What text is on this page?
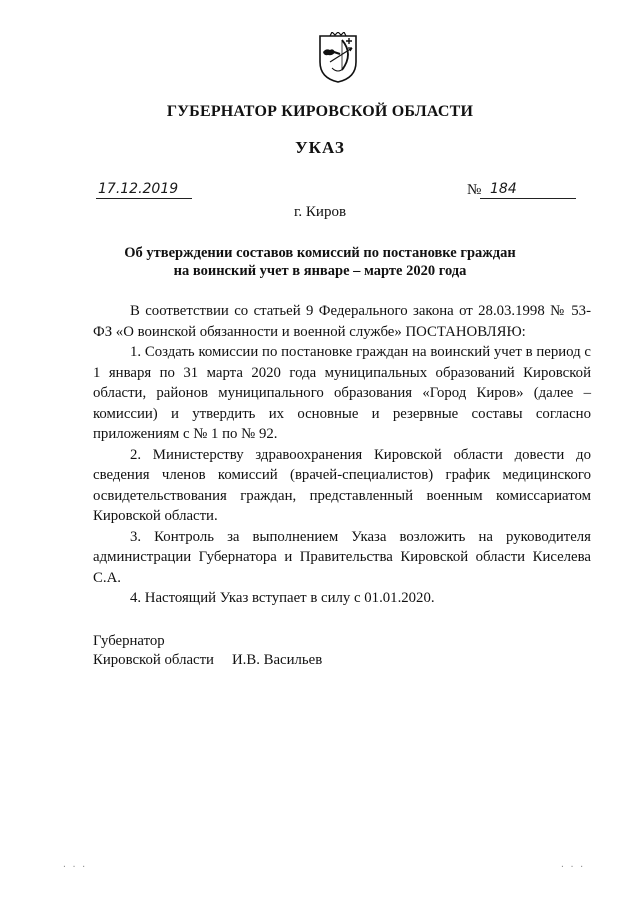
ГУБЕРНАТОР КИРОВСКОЙ ОБЛАСТИ
УКАЗ
17.12.2019	№ 184
г. Киров
Об утверждении составов комиссий по постановке граждан
на воинский учет в январе – марте 2020 года

В соответствии со статьей 9 Федерального закона от 28.03.1998 № 53-ФЗ «О воинской обязанности и военной службе» ПОСТАНОВЛЯЮ:

1. Создать комиссии по постановке граждан на воинский учет в период с 1 января по 31 марта 2020 года муниципальных образований Кировской области, районов муниципального образования «Город Киров» (далее – комиссии) и утвердить их основные и резервные составы согласно приложениям с № 1 по № 92.

2. Министерству здравоохранения Кировской области довести до сведения членов комиссий (врачей-специалистов) график медицинского освидетельствования граждан, представленный военным комиссариатом Кировской области.

3. Контроль за выполнением Указа возложить на руководителя администрации Губернатора и Правительства Кировской области Киселева С.А.

4. Настоящий Указ вступает в силу с 01.01.2020.

Губернатор
Кировской области И.В. Васильев
· · ·	· · ·
